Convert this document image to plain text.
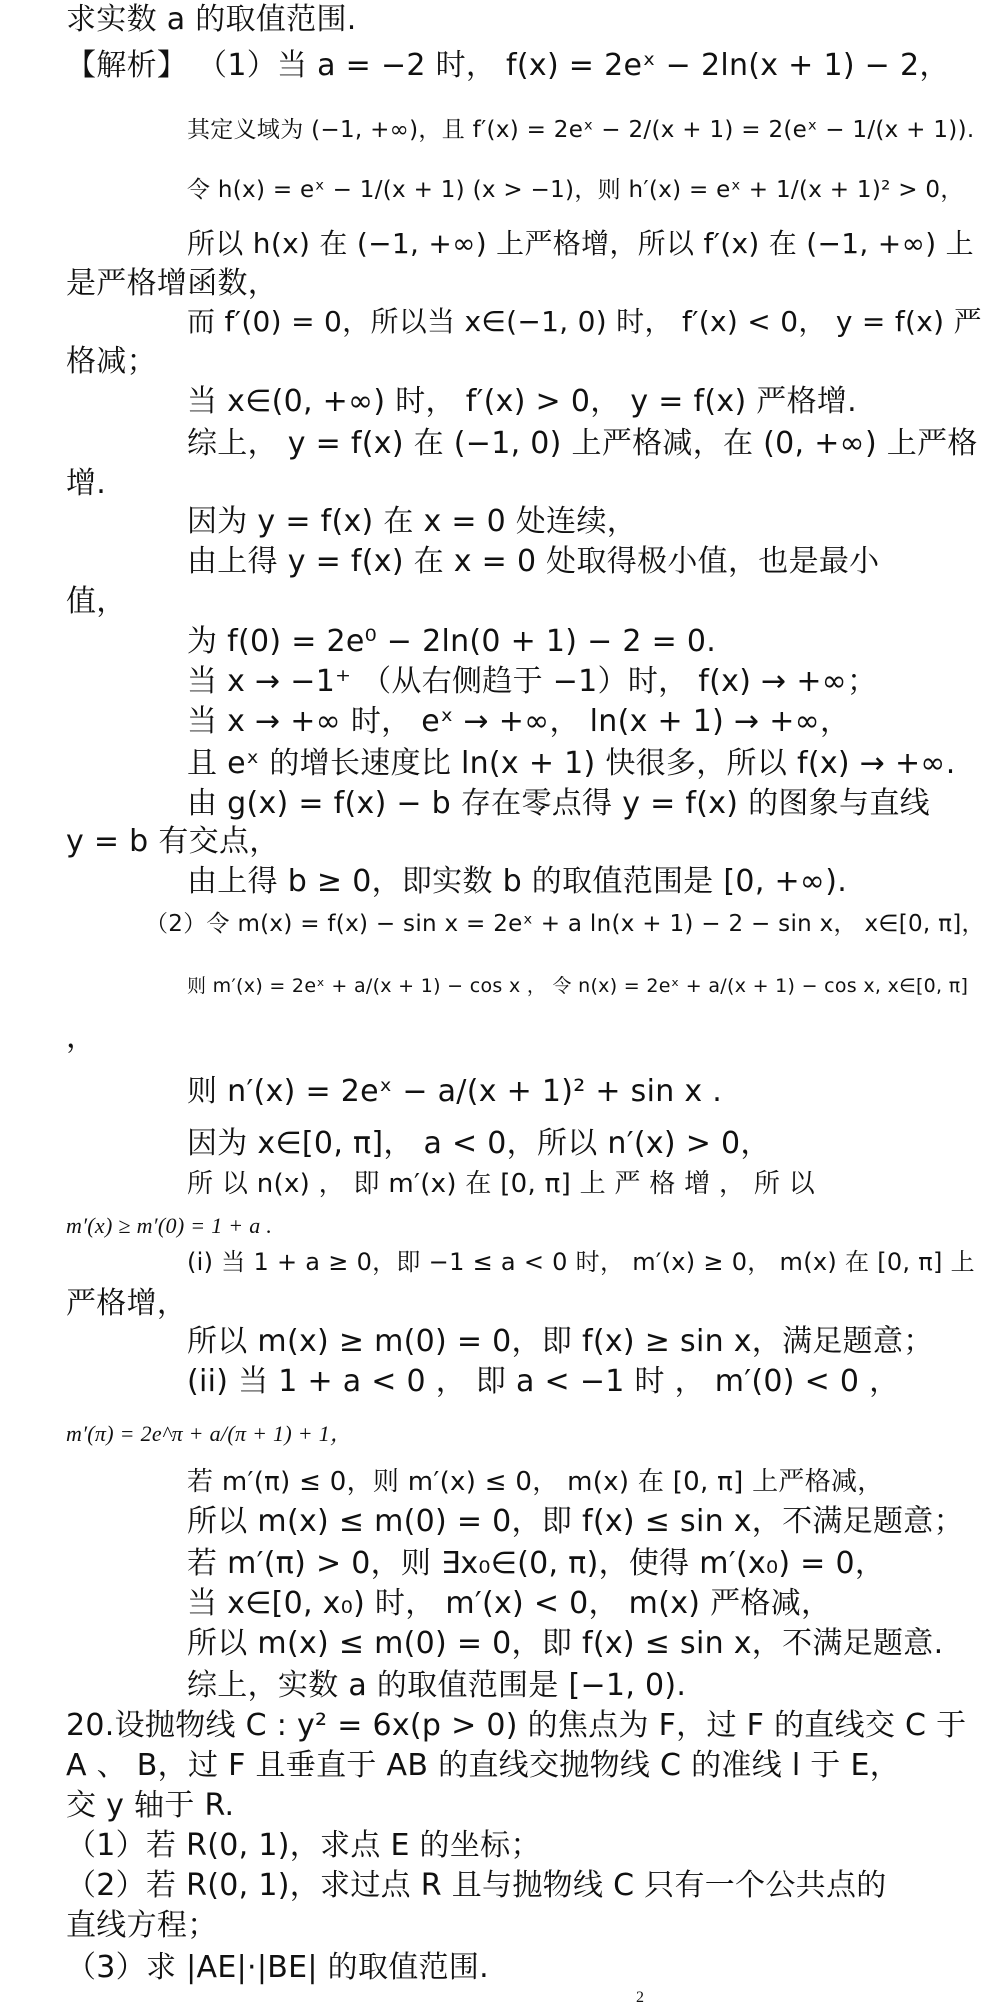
求实数 a 的取值范围.
【解析】 （1）当 a = −2 时， f(x) = 2eˣ − 2ln(x + 1) − 2，
其定义域为 (−1, +∞)，且 f′(x) = 2eˣ − 2/(x + 1) = 2(eˣ − 1/(x + 1)).
令 h(x) = eˣ − 1/(x + 1) (x > −1)，则 h′(x) = eˣ + 1/(x + 1)² > 0，
所以 h(x) 在 (−1, +∞) 上严格增，所以 f′(x) 在 (−1, +∞) 上
是严格增函数，
而 f′(0) = 0，所以当 x∈(−1, 0) 时， f′(x) < 0， y = f(x) 严
格减；
当 x∈(0, +∞) 时， f′(x) > 0， y = f(x) 严格增.
综上， y = f(x) 在 (−1, 0) 上严格减，在 (0, +∞) 上严格
增.
因为 y = f(x) 在 x = 0 处连续，
由上得 y = f(x) 在 x = 0 处取得极小值，也是最小
值，
为 f(0) = 2e⁰ − 2ln(0 + 1) − 2 = 0.
当 x → −1⁺ （从右侧趋于 −1）时， f(x) → +∞；
当 x → +∞ 时， eˣ → +∞， ln(x + 1) → +∞，
且 eˣ 的增长速度比 ln(x + 1) 快很多，所以 f(x) → +∞.
由 g(x) = f(x) − b 存在零点得 y = f(x) 的图象与直线
y = b 有交点，
由上得 b ≥ 0，即实数 b 的取值范围是 [0, +∞).
（2）令 m(x) = f(x) − sin x = 2eˣ + a ln(x + 1) − 2 − sin x， x∈[0, π]，
则 m′(x) = 2eˣ + a/(x + 1) − cos x ， 令 n(x) = 2eˣ + a/(x + 1) − cos x, x∈[0, π]
，
则 n′(x) = 2eˣ − a/(x + 1)² + sin x .
因为 x∈[0, π]， a < 0，所以 n′(x) > 0，
所 以 n(x) ， 即 m′(x) 在 [0, π] 上 严 格 增 ， 所 以
m′(x) ≥ m′(0) = 1 + a .
(i) 当 1 + a ≥ 0，即 −1 ≤ a < 0 时， m′(x) ≥ 0， m(x) 在 [0, π] 上
严格增，
所以 m(x) ≥ m(0) = 0，即 f(x) ≥ sin x，满足题意；
(ii) 当 1 + a < 0 ， 即 a < −1 时 ， m′(0) < 0 ，
m′(π) = 2e^π + a/(π + 1) + 1，
若 m′(π) ≤ 0，则 m′(x) ≤ 0， m(x) 在 [0, π] 上严格减，
所以 m(x) ≤ m(0) = 0，即 f(x) ≤ sin x，不满足题意；
若 m′(π) > 0，则 ∃x₀∈(0, π)，使得 m′(x₀) = 0，
当 x∈[0, x₀) 时， m′(x) < 0， m(x) 严格减，
所以 m(x) ≤ m(0) = 0，即 f(x) ≤ sin x，不满足题意.
综上，实数 a 的取值范围是 [−1, 0).
20.设抛物线 C : y² = 6x(p > 0) 的焦点为 F，过 F 的直线交 C 于
A 、 B，过 F 且垂直于 AB 的直线交抛物线 C 的准线 l 于 E，
交 y 轴于 R.
（1）若 R(0, 1)，求点 E 的坐标；
（2）若 R(0, 1)，求过点 R 且与抛物线 C 只有一个公共点的
直线方程；
（3）求 |AE|·|BE| 的取值范围.
2
